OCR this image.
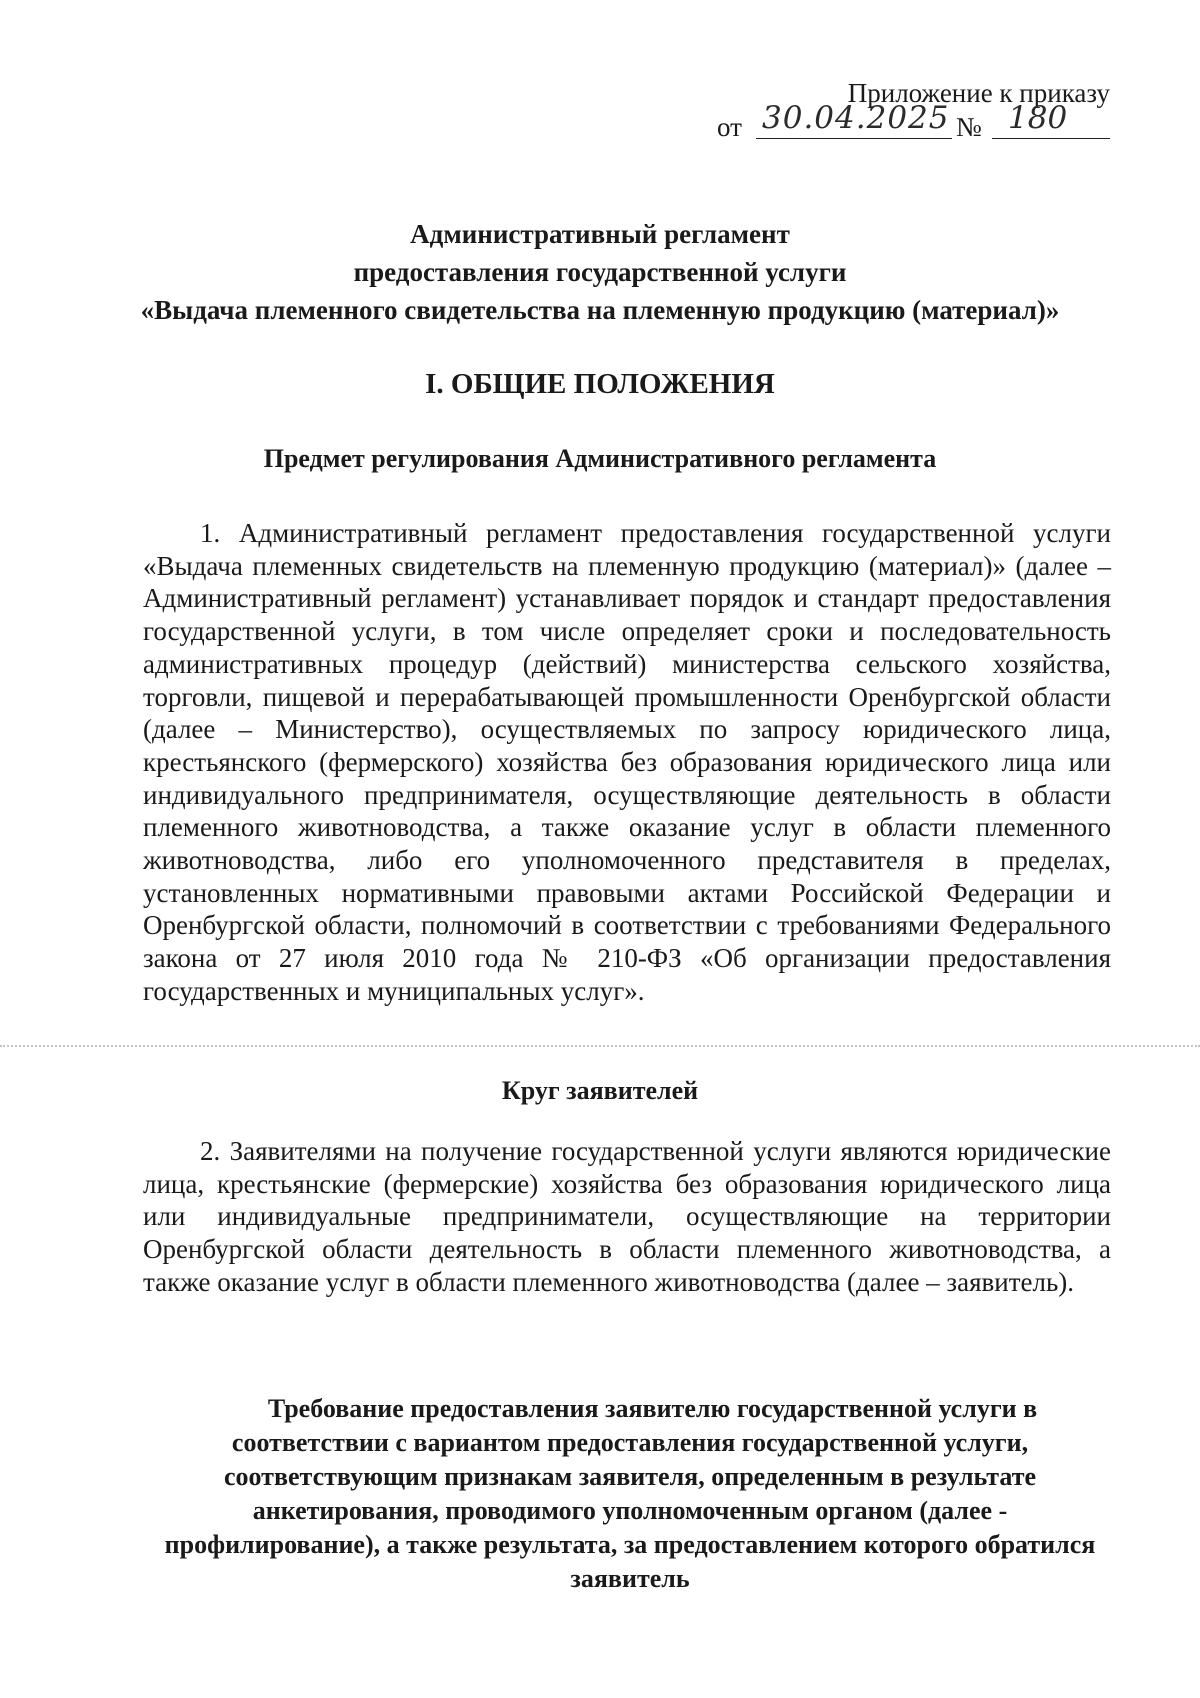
Приложение к приказу
от 30.04.2025 № 180
Административный регламент
предоставления государственной услуги
«Выдача племенного свидетельства на племенную продукцию (материал)»
I. ОБЩИЕ ПОЛОЖЕНИЯ
Предмет регулирования Административного регламента
1. Административный регламент предоставления государственной услуги «Выдача племенных свидетельств на племенную продукцию (материал)» (далее – Административный регламент) устанавливает порядок и стандарт предоставления государственной услуги, в том числе определяет сроки и последовательность административных процедур (действий) министерства сельского хозяйства, торговли, пищевой и перерабатывающей промышленности Оренбургской области (далее – Министерство), осуществляемых по запросу юридического лица, крестьянского (фермерского) хозяйства без образования юридического лица или индивидуального предпринимателя, осуществляющие деятельность в области племенного животноводства, а также оказание услуг в области племенного животноводства, либо его уполномоченного представителя в пределах, установленных нормативными правовыми актами Российской Федерации и Оренбургской области, полномочий в соответствии с требованиями Федерального закона от 27 июля 2010 года № 210-ФЗ «Об организации предоставления государственных и муниципальных услуг».
Круг заявителей
2. Заявителями на получение государственной услуги являются юридические лица, крестьянские (фермерские) хозяйства без образования юридического лица или индивидуальные предприниматели, осуществляющие на территории Оренбургской области деятельность в области племенного животноводства, а также оказание услуг в области племенного животноводства (далее – заявитель).
Требование предоставления заявителю государственной услуги в соответствии с вариантом предоставления государственной услуги, соответствующим признакам заявителя, определенным в результате анкетирования, проводимого уполномоченным органом (далее - профилирование), а также результата, за предоставлением которого обратился заявитель
